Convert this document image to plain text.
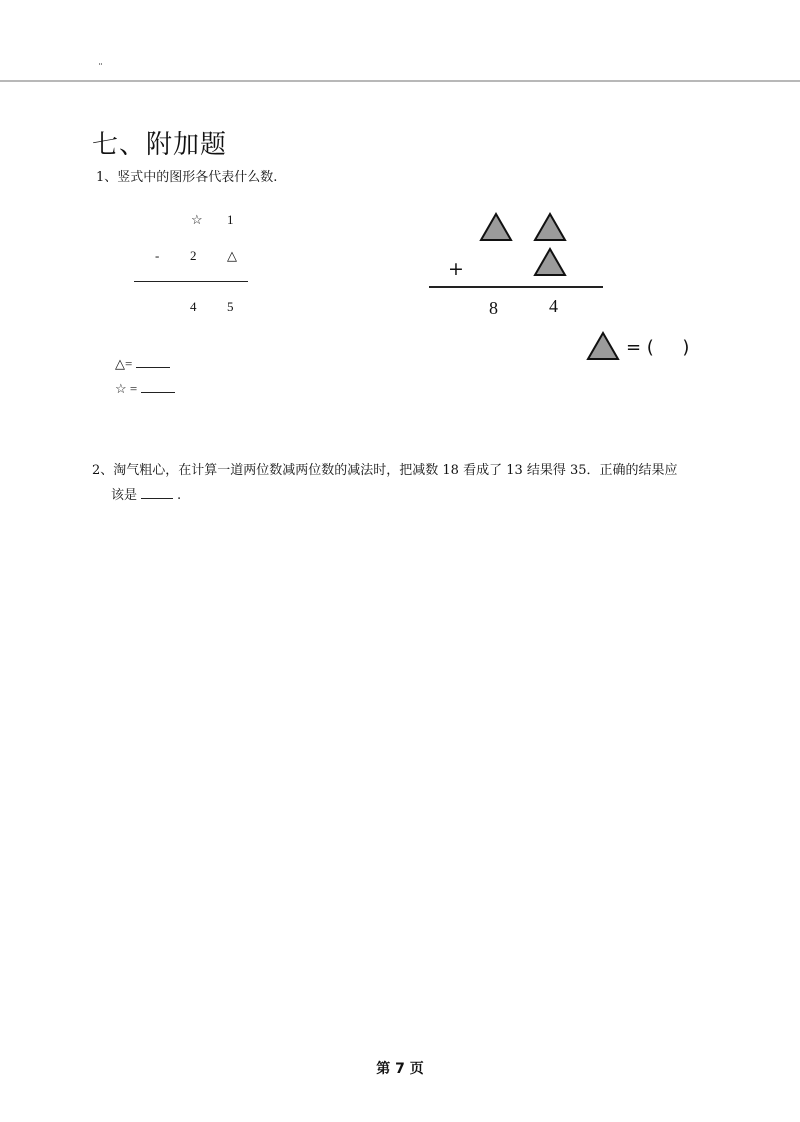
¨
七、附加题
1、竖式中的图形各代表什么数.
☆ 1
- 2 △
4 5
△=
☆ =
+
8	4
= (     )
2、淘气粗心，在计算一道两位数减两位数的减法时，把减数 18 看成了 13 结果得 35．正确的结果应
该是	.
第 7 页
